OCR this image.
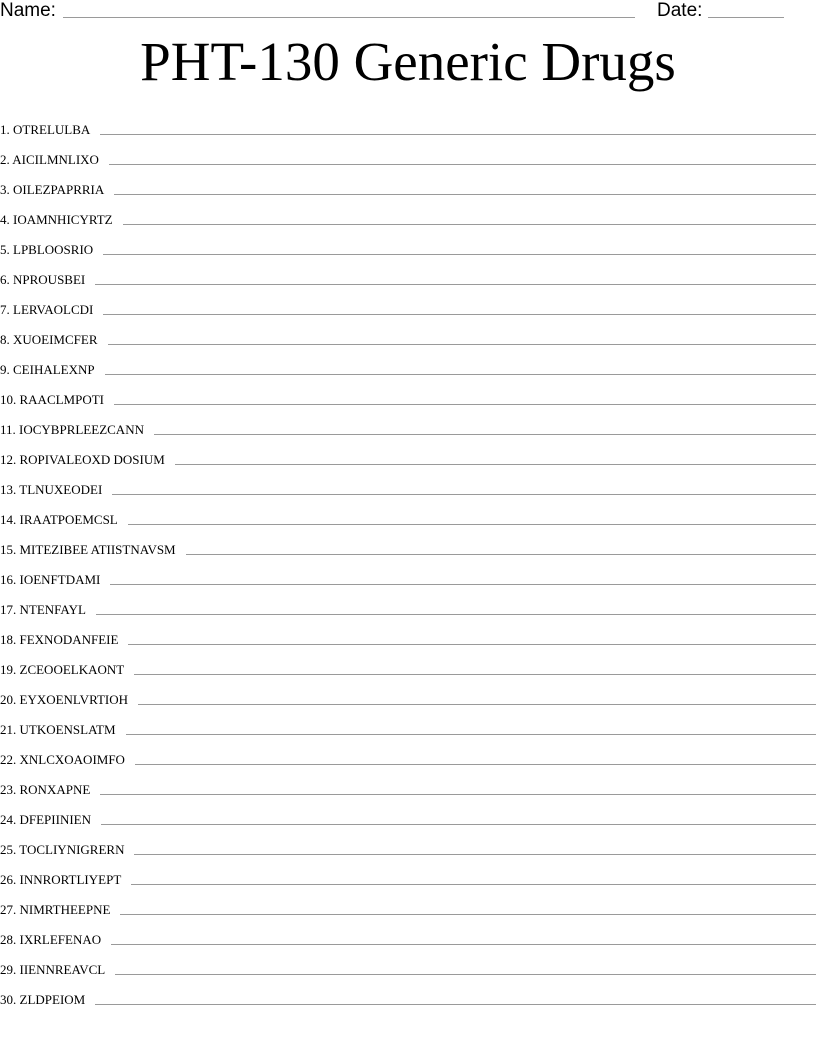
Name:	Date:
PHT-130 Generic Drugs
1. OTRELULBA
2. AICILMNLIXO
3. OILEZPAPRRIA
4. IOAMNHICYRTZ
5. LPBLOOSRIO
6. NPROUSBEI
7. LERVAOLCDI
8. XUOEIMCFER
9. CEIHALEXNP
10. RAACLMPOTI
11. IOCYBPRLEEZCANN
12. ROPIVALEOXD DOSIUM
13. TLNUXEODEI
14. IRAATPOEMCSL
15. MITEZIBEE ATIISTNAVSM
16. IOENFTDAMI
17. NTENFAYL
18. FEXNODANFEIE
19. ZCEOOELKAONT
20. EYXOENLVRTIOH
21. UTKOENSLATM
22. XNLCXOAOIMFO
23. RONXAPNE
24. DFEPIINIEN
25. TOCLIYNIGRERN
26. INNRORTLIYEPT
27. NIMRTHEEPNE
28. IXRLEFENAO
29. IIENNREAVCL
30. ZLDPEIOM
